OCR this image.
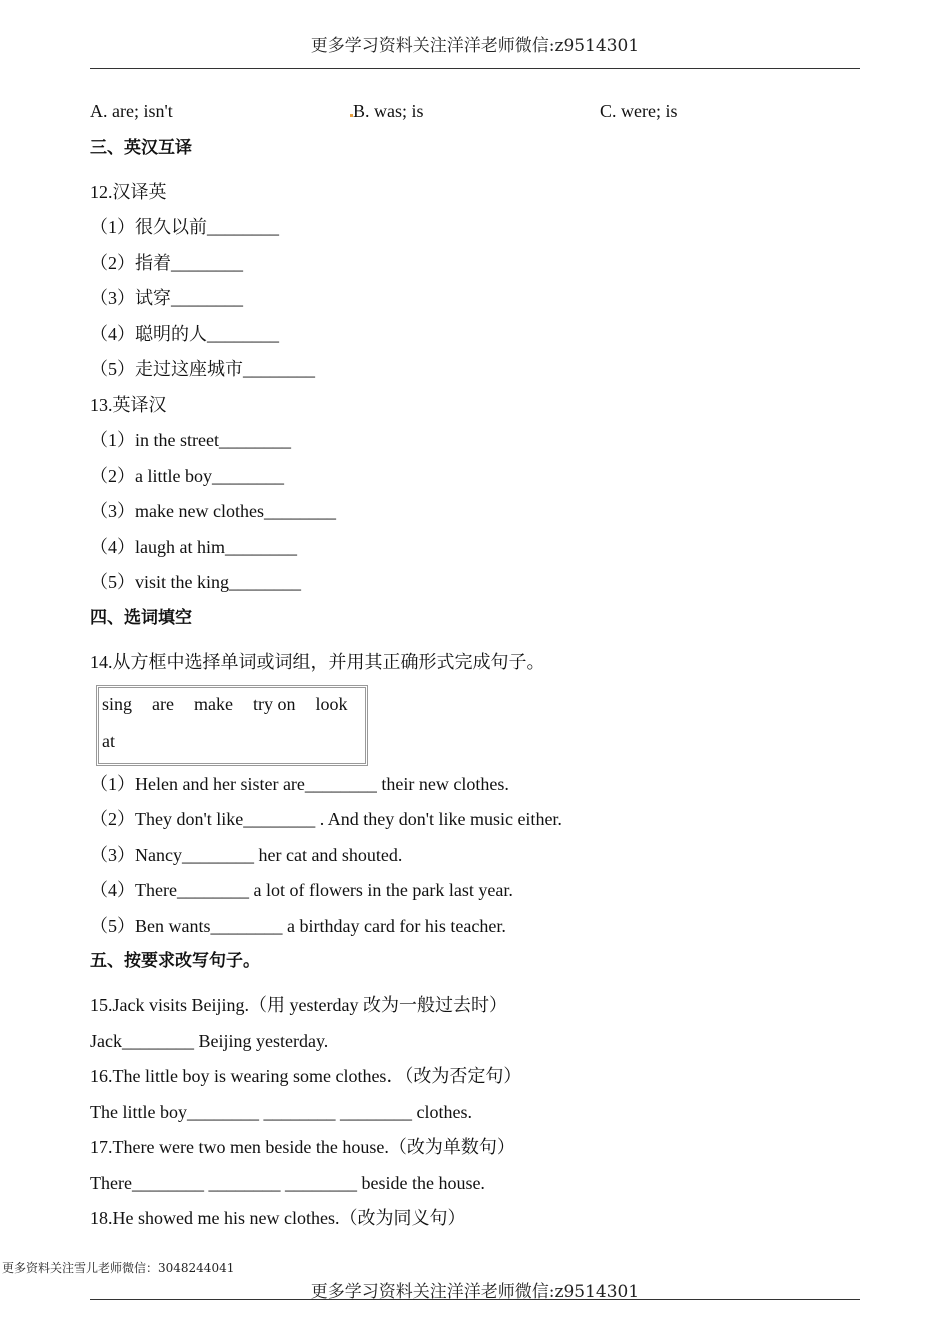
更多学习资料关注洋洋老师微信:z9514301
A. are; isn't	B. was; is	C. were; is
三、英汉互译
12.汉译英
（1）很久以前________
（2）指着________
（3）试穿________
（4）聪明的人________
（5）走过这座城市________
13.英译汉
（1）in the street________
（2）a little boy________
（3）make new clothes________
（4）laugh at him________
（5）visit the king________
四、选词填空
14.从方框中选择单词或词组，并用其正确形式完成句子。
sing are make try on look
at
（1）Helen and her sister are________ their new clothes.
（2）They don't like________ . And they don't like music either.
（3）Nancy________ her cat and shouted.
（4）There________ a lot of flowers in the park last year.
（5）Ben wants________ a birthday card for his teacher.
五、按要求改写句子。
15.Jack visits Beijing.（用 yesterday 改为一般过去时）
Jack________ Beijing yesterday.
16.The little boy is wearing some clothes．（改为否定句）
The little boy________ ________ ________ clothes.
17.There were two men beside the house.（改为单数句）
There________ ________ ________ beside the house.
18.He showed me his new clothes.（改为同义句）
更多资料关注雪儿老师微信：3048244041
更多学习资料关注洋洋老师微信:z9514301
